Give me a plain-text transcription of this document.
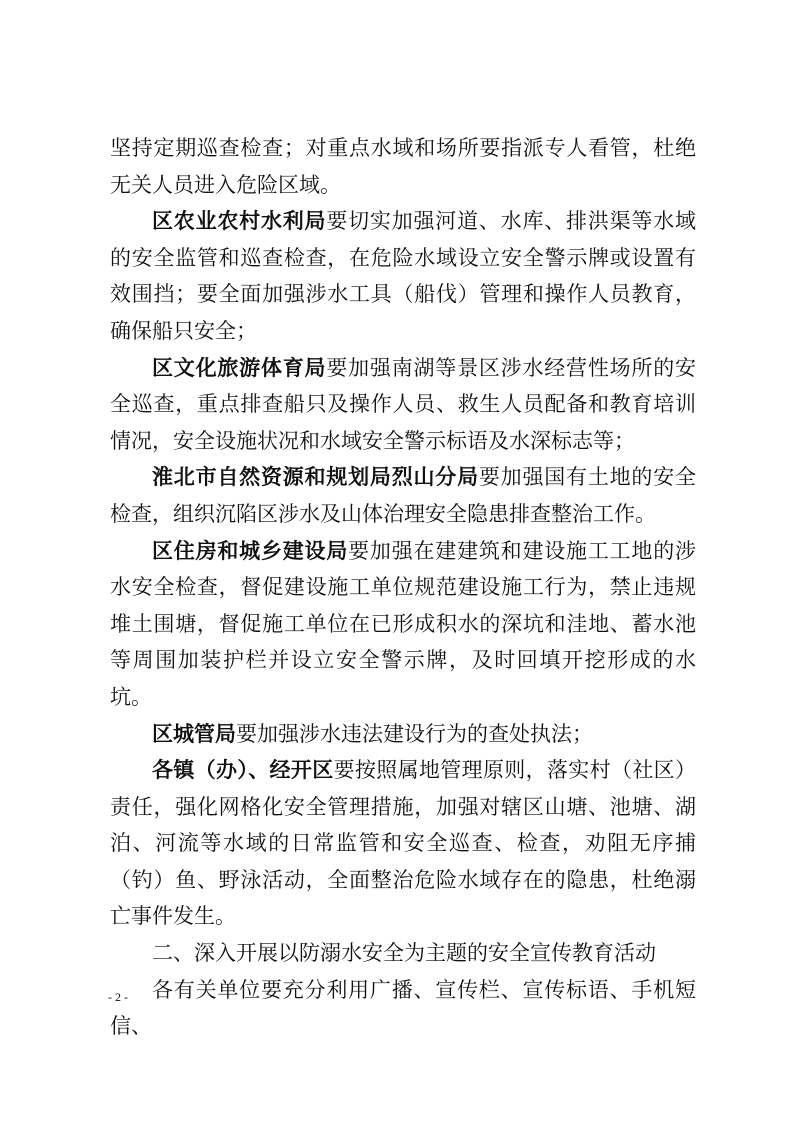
坚持定期巡查检查；对重点水域和场所要指派专人看管，杜绝无关人员进入危险区域。

区农业农村水利局要切实加强河道、水库、排洪渠等水域的安全监管和巡查检查，在危险水域设立安全警示牌或设置有效围挡；要全面加强涉水工具（船伐）管理和操作人员教育，确保船只安全；

区文化旅游体育局要加强南湖等景区涉水经营性场所的安全巡查，重点排查船只及操作人员、救生人员配备和教育培训情况，安全设施状况和水域安全警示标语及水深标志等；

淮北市自然资源和规划局烈山分局要加强国有土地的安全检查，组织沉陷区涉水及山体治理安全隐患排查整治工作。

区住房和城乡建设局要加强在建建筑和建设施工工地的涉水安全检查，督促建设施工单位规范建设施工行为，禁止违规堆土围塘，督促施工单位在已形成积水的深坑和洼地、蓄水池等周围加装护栏并设立安全警示牌，及时回填开挖形成的水坑。

区城管局要加强涉水违法建设行为的查处执法；

各镇（办）、经开区要按照属地管理原则，落实村（社区）责任，强化网格化安全管理措施，加强对辖区山塘、池塘、湖泊、河流等水域的日常监管和安全巡查、检查，劝阻无序捕（钓）鱼、野泳活动，全面整治危险水域存在的隐患，杜绝溺亡事件发生。

二、深入开展以防溺水安全为主题的安全宣传教育活动

各有关单位要充分利用广播、宣传栏、宣传标语、手机短信、

- 2 -
